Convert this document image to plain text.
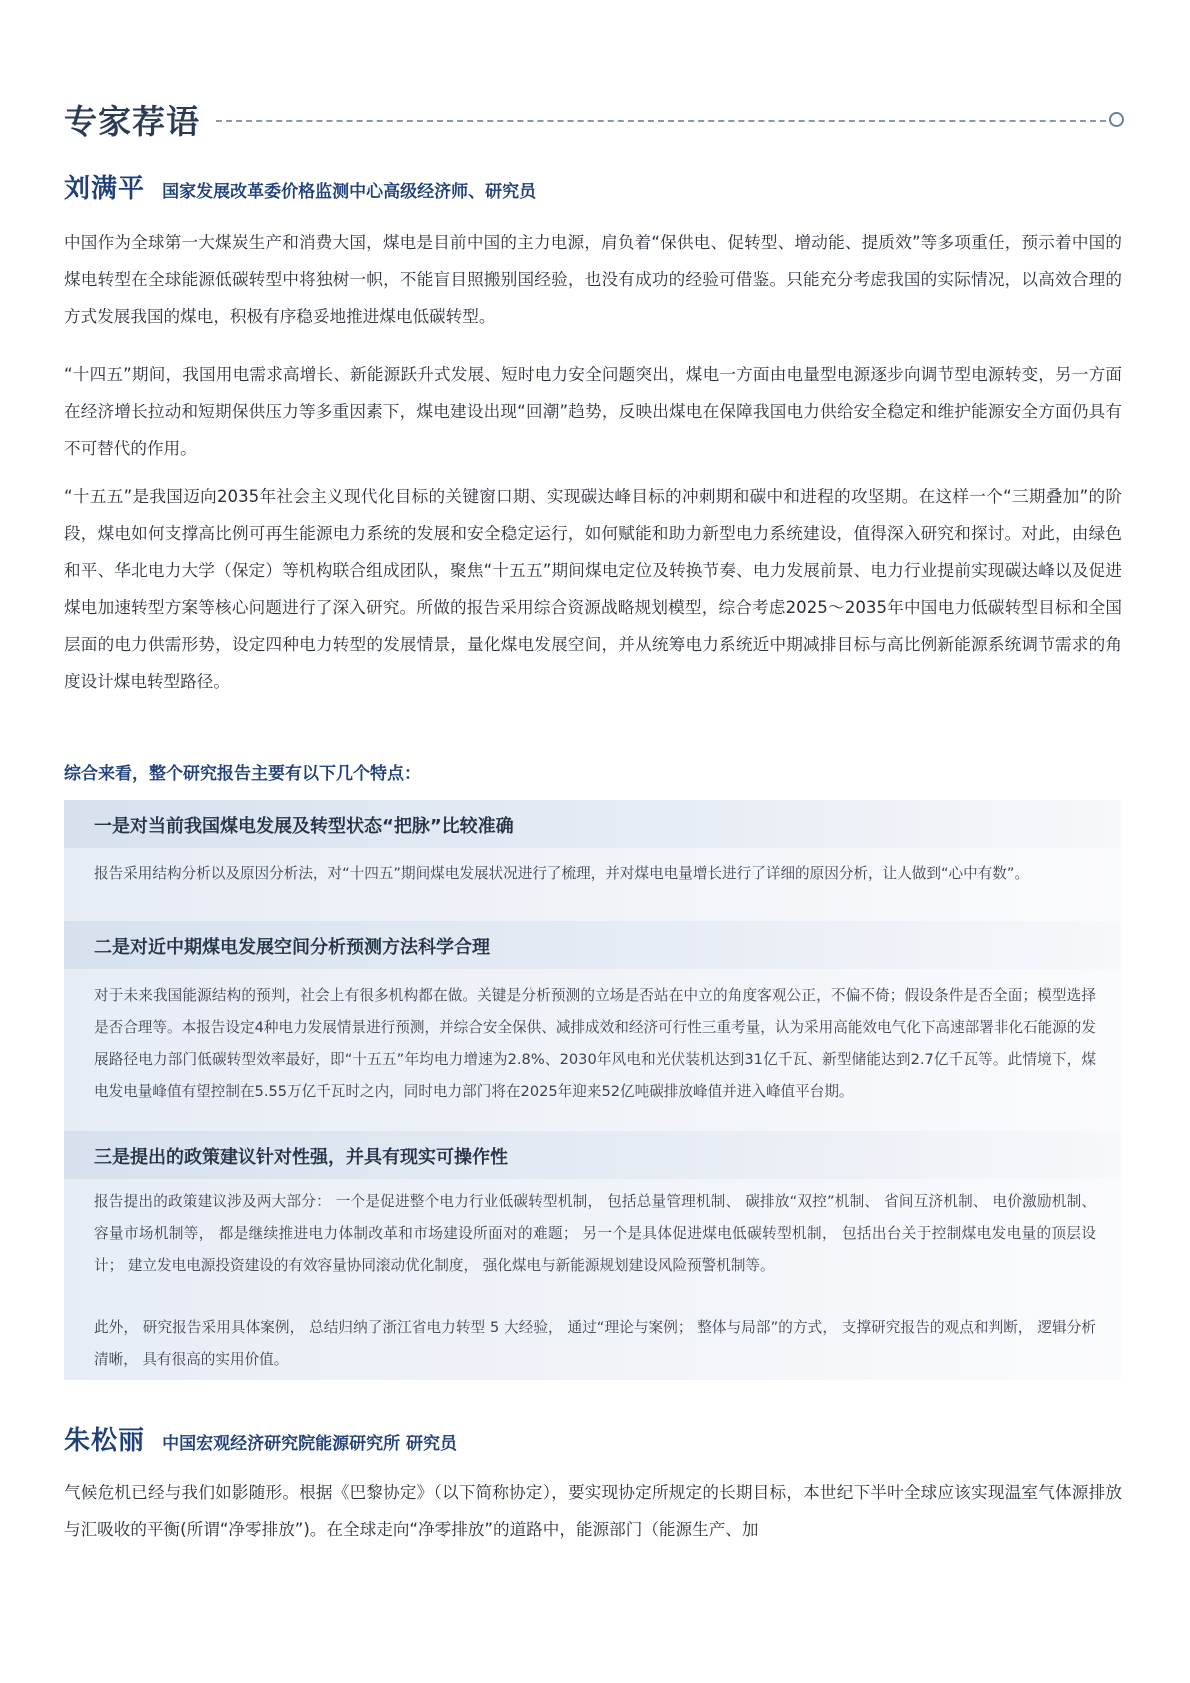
专家荐语
刘满平 国家发展改革委价格监测中心高级经济师、研究员

中国作为全球第一大煤炭生产和消费大国，煤电是目前中国的主力电源，肩负着“保供电、促转型、增动能、提质效”等多项重任，预示着中国的煤电转型在全球能源低碳转型中将独树一帜，不能盲目照搬别国经验，也没有成功的经验可借鉴。只能充分考虑我国的实际情况，以高效合理的方式发展我国的煤电，积极有序稳妥地推进煤电低碳转型。

“十四五”期间，我国用电需求高增长、新能源跃升式发展、短时电力安全问题突出，煤电一方面由电量型电源逐步向调节型电源转变，另一方面在经济增长拉动和短期保供压力等多重因素下，煤电建设出现“回潮”趋势，反映出煤电在保障我国电力供给安全稳定和维护能源安全方面仍具有不可替代的作用。

“十五五”是我国迈向2035年社会主义现代化目标的关键窗口期、实现碳达峰目标的冲刺期和碳中和进程的攻坚期。在这样一个“三期叠加”的阶段，煤电如何支撑高比例可再生能源电力系统的发展和安全稳定运行，如何赋能和助力新型电力系统建设，值得深入研究和探讨。对此，由绿色和平、华北电力大学（保定）等机构联合组成团队，聚焦“十五五”期间煤电定位及转换节奏、电力发展前景、电力行业提前实现碳达峰以及促进煤电加速转型方案等核心问题进行了深入研究。所做的报告采用综合资源战略规划模型，综合考虑2025～2035年中国电力低碳转型目标和全国层面的电力供需形势，设定四种电力转型的发展情景，量化煤电发展空间，并从统筹电力系统近中期减排目标与高比例新能源系统调节需求的角度设计煤电转型路径。

综合来看，整个研究报告主要有以下几个特点：
一是对当前我国煤电发展及转型状态“把脉”比较准确

报告采用结构分析以及原因分析法，对“十四五”期间煤电发展状况进行了梳理，并对煤电电量增长进行了详细的原因分析，让人做到“心中有数”。

二是对近中期煤电发展空间分析预测方法科学合理

对于未来我国能源结构的预判，社会上有很多机构都在做。关键是分析预测的立场是否站在中立的角度客观公正，不偏不倚；假设条件是否全面；模型选择是否合理等。本报告设定4种电力发展情景进行预测，并综合安全保供、减排成效和经济可行性三重考量，认为采用高能效电气化下高速部署非化石能源的发展路径电力部门低碳转型效率最好，即“十五五”年均电力增速为2.8%、2030年风电和光伏装机达到31亿千瓦、新型储能达到2.7亿千瓦等。此情境下，煤电发电量峰值有望控制在5.55万亿千瓦时之内，同时电力部门将在2025年迎来52亿吨碳排放峰值并进入峰值平台期。

三是提出的政策建议针对性强，并具有现实可操作性

报告提出的政策建议涉及两大部分： 一个是促进整个电力行业低碳转型机制， 包括总量管理机制、 碳排放“双控”机制、 省间互济机制、 电价激励机制、 容量市场机制等， 都是继续推进电力体制改革和市场建设所面对的难题； 另一个是具体促进煤电低碳转型机制， 包括出台关于控制煤电发电量的顶层设计； 建立发电电源投资建设的有效容量协同滚动优化制度， 强化煤电与新能源规划建设风险预警机制等。

此外， 研究报告采用具体案例， 总结归纳了浙江省电力转型 5 大经验， 通过“理论与案例； 整体与局部”的方式， 支撑研究报告的观点和判断， 逻辑分析清晰， 具有很高的实用价值。

朱松丽 中国宏观经济研究院能源研究所 研究员

气候危机已经与我们如影随形。根据《巴黎协定》（以下简称协定），要实现协定所规定的长期目标，本世纪下半叶全球应该实现温室气体源排放与汇吸收的平衡(所谓“净零排放”)。在全球走向“净零排放”的道路中，能源部门（能源生产、加
